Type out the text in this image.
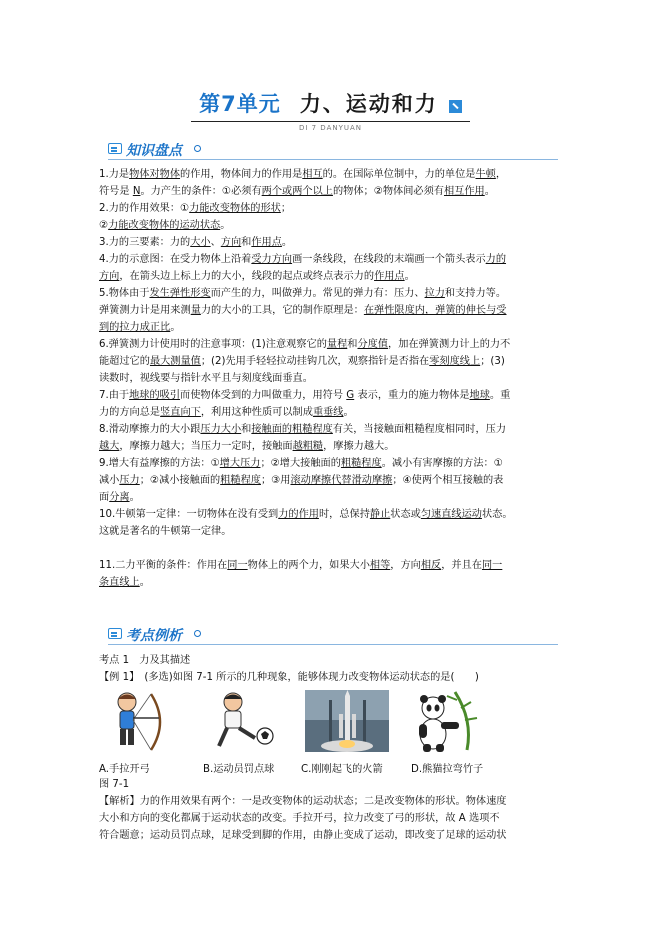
第7单元 力、运动和力
DI 7 DANYUAN
知识盘点

1.力是物体对物体的作用，物体间力的作用是相互的。在国际单位制中，力的单位是牛顿，

符号是 N。力产生的条件：①必须有两个或两个以上的物体；②物体间必须有相互作用。

2.力的作用效果：①力能改变物体的形状；

②力能改变物体的运动状态。

3.力的三要素：力的大小、方向和作用点。

4.力的示意图：在受力物体上沿着受力方向画一条线段，在线段的末端画一个箭头表示力的

方向，在箭头边上标上力的大小，线段的起点或终点表示力的作用点。

5.物体由于发生弹性形变而产生的力，叫做弹力。常见的弹力有：压力、拉力和支持力等。

弹簧测力计是用来测量力的大小的工具，它的制作原理是：在弹性限度内，弹簧的伸长与受

到的拉力成正比。

6.弹簧测力计使用时的注意事项：(1)注意观察它的量程和分度值，加在弹簧测力计上的力不

能超过它的最大测量值；(2)先用手轻轻拉动挂钩几次，观察指针是否指在零刻度线上；(3)

读数时，视线要与指针水平且与刻度线面垂直。

7.由于地球的吸引而使物体受到的力叫做重力，用符号 G 表示，重力的施力物体是地球。重

力的方向总是竖直向下，利用这种性质可以制成重垂线。

8.滑动摩擦力的大小跟压力大小和接触面的粗糙程度有关，当接触面粗糙程度相同时，压力

越大，摩擦力越大；当压力一定时，接触面越粗糙，摩擦力越大。

9.增大有益摩擦的方法：①增大压力；②增大接触面的粗糙程度。减小有害摩擦的方法：①

减小压力；②减小接触面的粗糙程度；③用滚动摩擦代替滑动摩擦；④使两个相互接触的表

面分离。

10.牛顿第一定律：一切物体在没有受到力的作用时，总保持静止状态或匀速直线运动状态。

这就是著名的牛顿第一定律。

11.二力平衡的条件：作用在同一物体上的两个力，如果大小相等，方向相反，并且在同一

条直线上。

考点例析

考点 1　力及其描述

【例 1】　(多选)如图 7-1 所示的几种现象，能够体现力改变物体运动状态的是(　　)

A.手拉开弓	B.运动员罚点球	C.刚刚起飞的火箭	D.熊猫拉弯竹子
图 7-1

【解析】力的作用效果有两个：一是改变物体的运动状态；二是改变物体的形状。物体速度

大小和方向的变化都属于运动状态的改变。手拉开弓，拉力改变了弓的形状，故 A 选项不

符合题意；运动员罚点球，足球受到脚的作用，由静止变成了运动，即改变了足球的运动状
